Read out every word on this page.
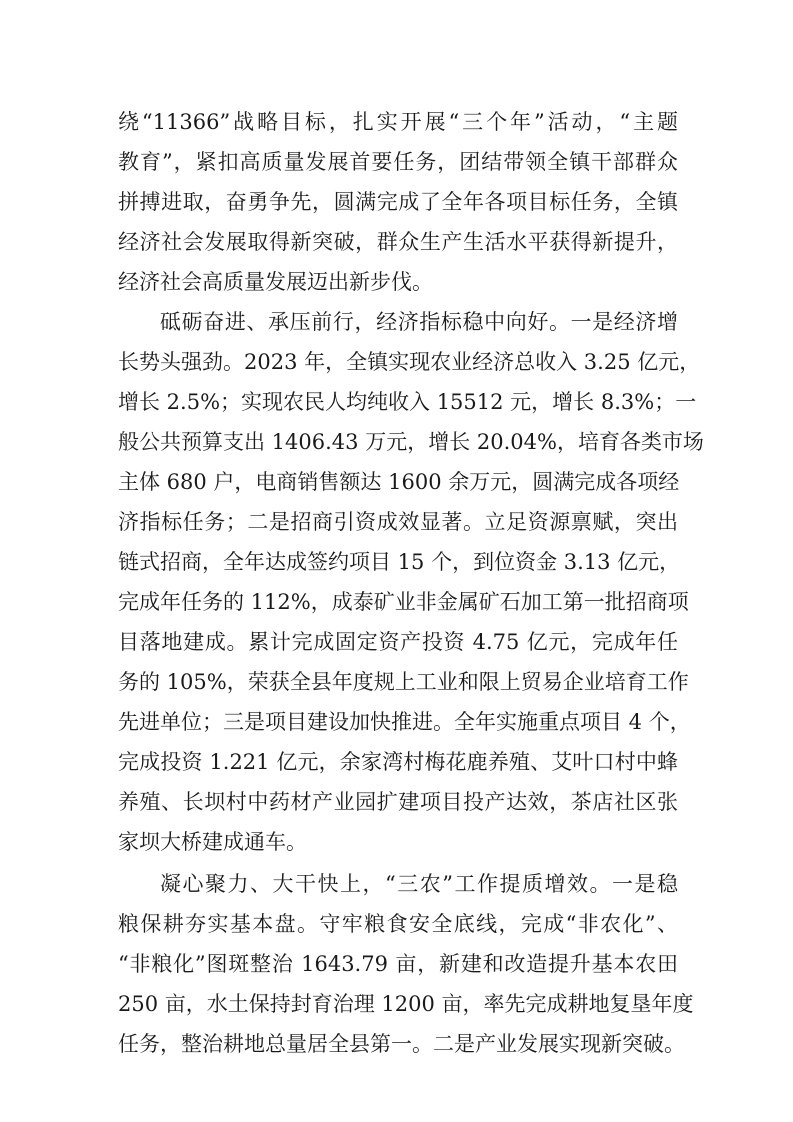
绕“11366”战略目标，扎实开展“三个年”活动，“主题
教育”，紧扣高质量发展首要任务，团结带领全镇干部群众
拼搏进取，奋勇争先，圆满完成了全年各项目标任务，全镇
经济社会发展取得新突破，群众生产生活水平获得新提升，
经济社会高质量发展迈出新步伐。
砥砺奋进、承压前行，经济指标稳中向好。一是经济增
长势头强劲。2023 年，全镇实现农业经济总收入 3.25 亿元，
增长 2.5%；实现农民人均纯收入 15512 元，增长 8.3%；一
般公共预算支出 1406.43 万元，增长 20.04%，培育各类市场
主体 680 户，电商销售额达 1600 余万元，圆满完成各项经
济指标任务；二是招商引资成效显著。立足资源禀赋，突出
链式招商，全年达成签约项目 15 个，到位资金 3.13 亿元，
完成年任务的 112%，成泰矿业非金属矿石加工第一批招商项
目落地建成。累计完成固定资产投资 4.75 亿元，完成年任
务的 105%，荣获全县年度规上工业和限上贸易企业培育工作
先进单位；三是项目建设加快推进。全年实施重点项目 4 个，
完成投资 1.221 亿元，余家湾村梅花鹿养殖、艾叶口村中蜂
养殖、长坝村中药材产业园扩建项目投产达效，茶店社区张
家坝大桥建成通车。
凝心聚力、大干快上，“三农”工作提质增效。一是稳
粮保耕夯实基本盘。守牢粮食安全底线，完成“非农化”、
“非粮化”图斑整治 1643.79 亩，新建和改造提升基本农田
250 亩，水土保持封育治理 1200 亩，率先完成耕地复垦年度
任务，整治耕地总量居全县第一。二是产业发展实现新突破。
